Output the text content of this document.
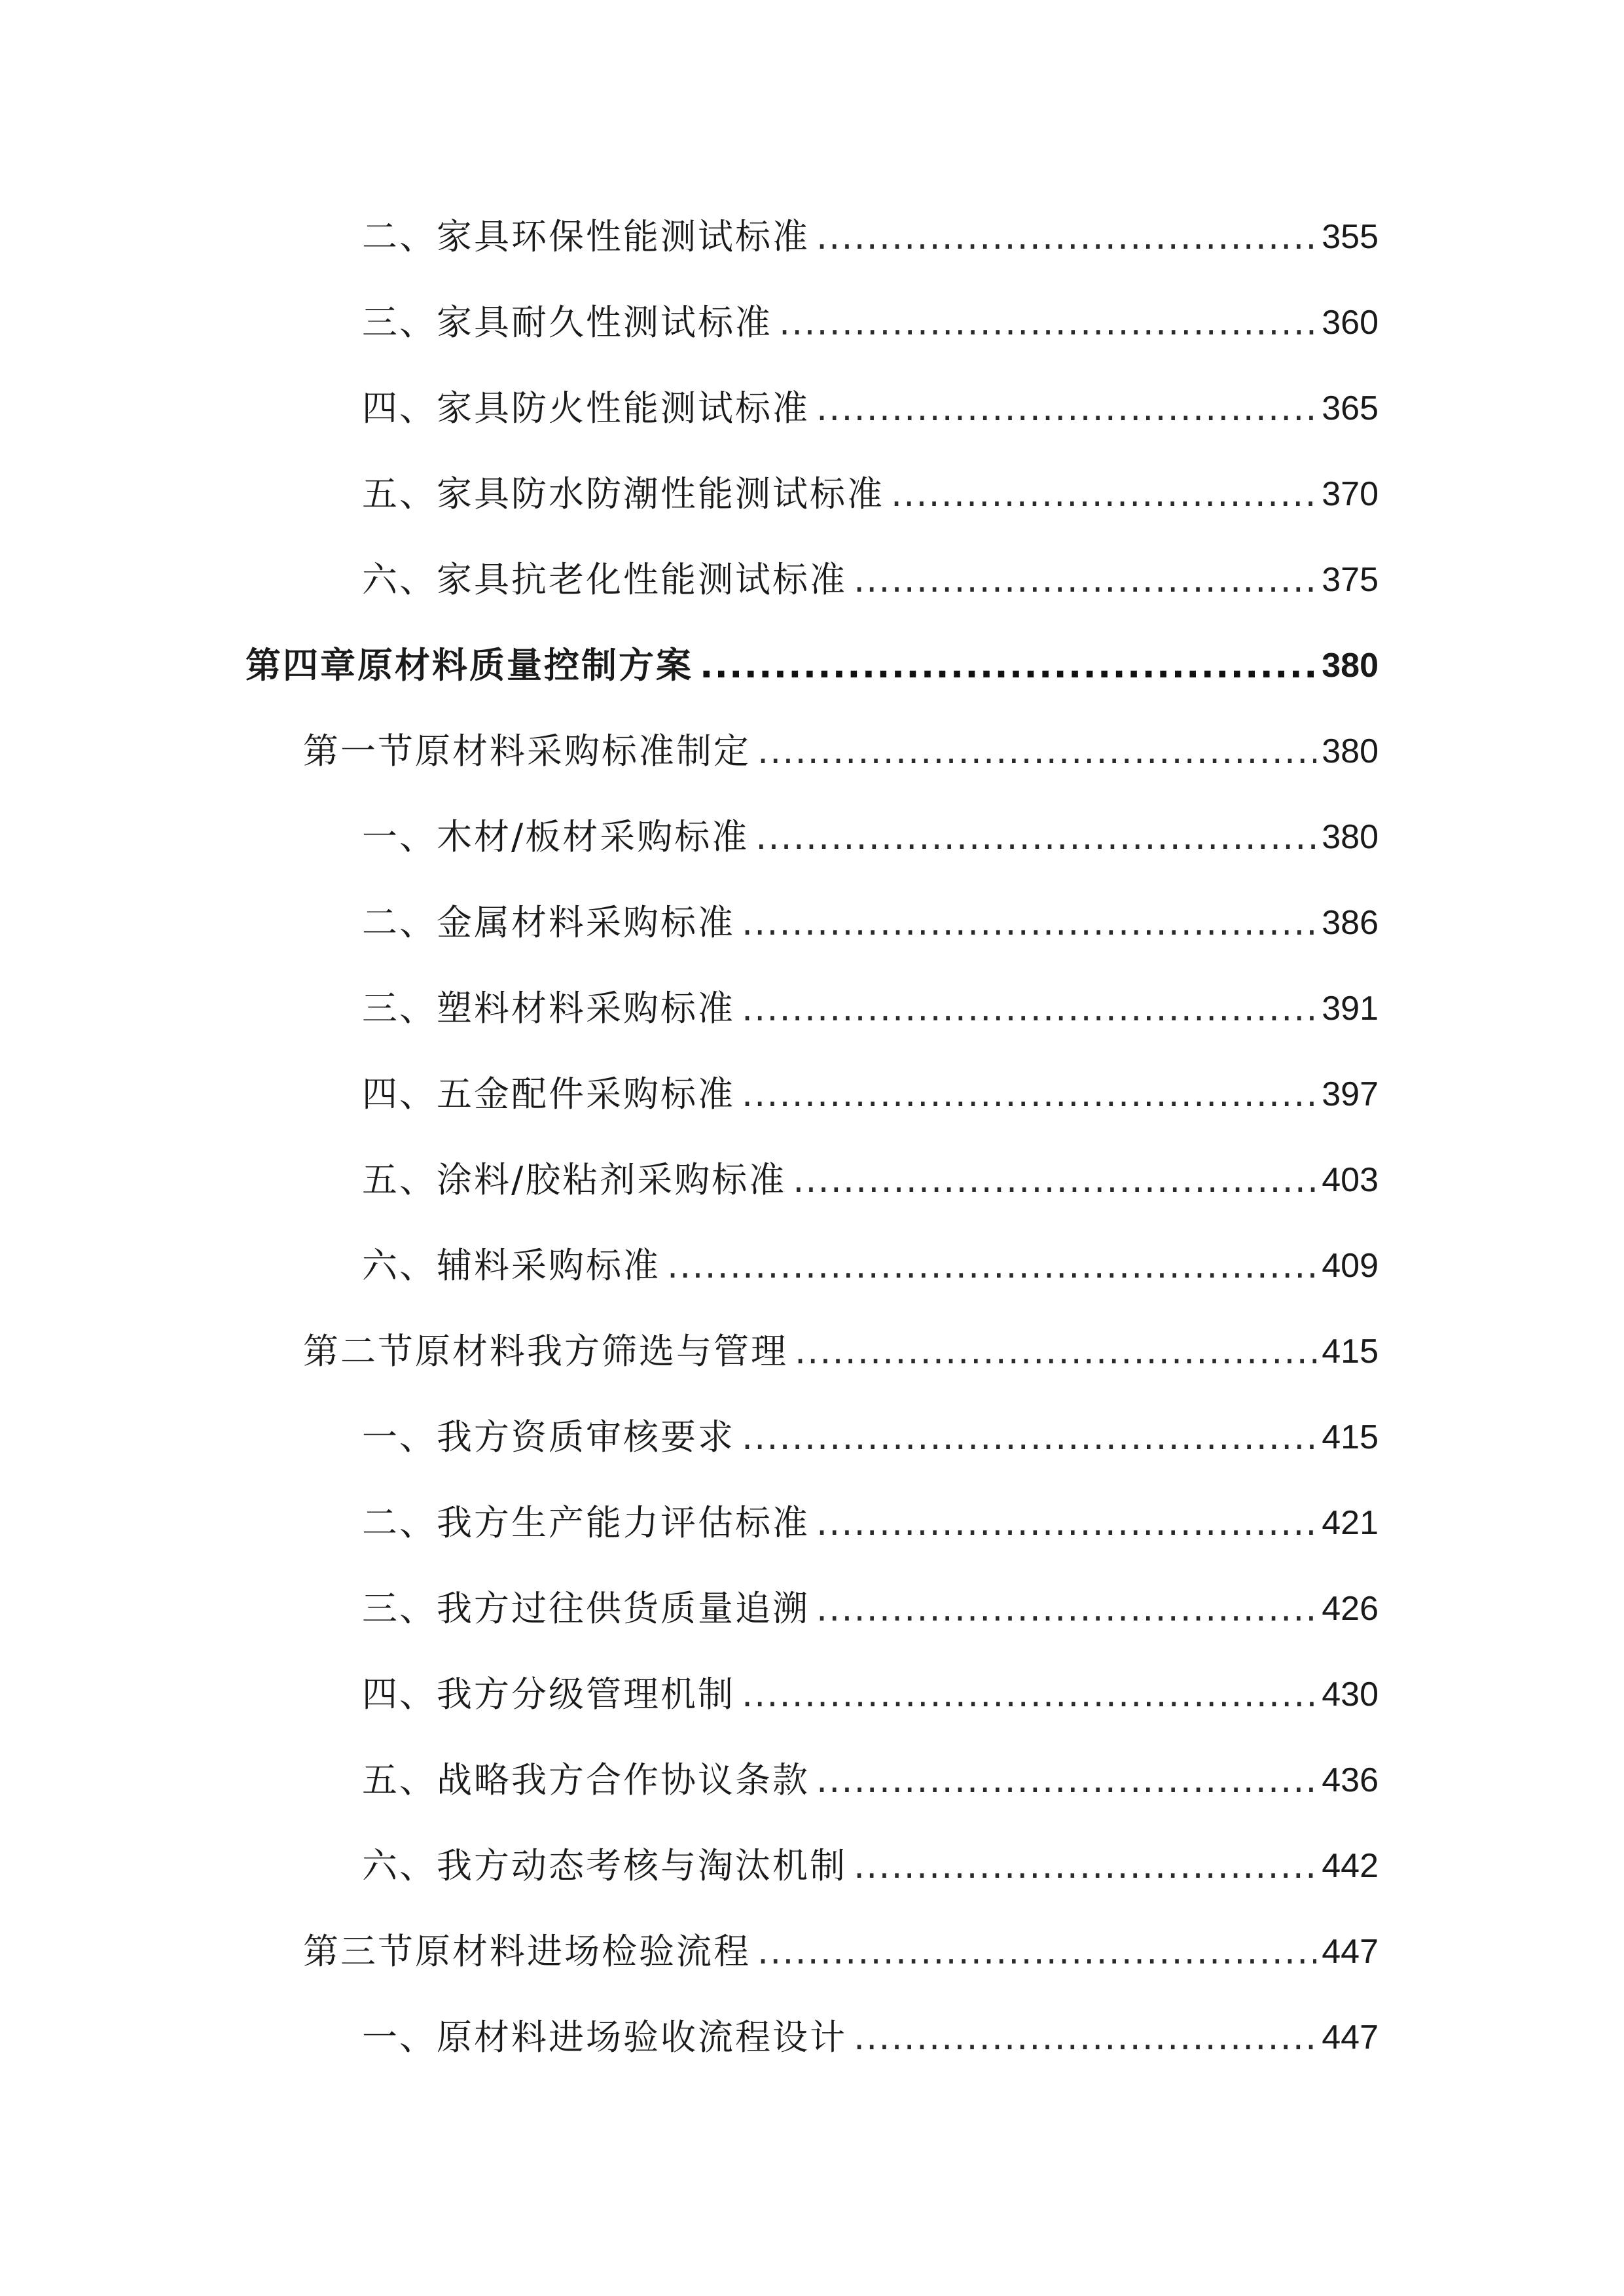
二、家具环保性能测试标准 .....	355
三、家具耐久性测试标准 .....	360
四、家具防火性能测试标准 .....	365
五、家具防水防潮性能测试标准 .....	370
六、家具抗老化性能测试标准 .....	375
第四章原材料质量控制方案 .....	380
第一节原材料采购标准制定 .....	380
一、木材/板材采购标准 .....	380
二、金属材料采购标准 .....	386
三、塑料材料采购标准 .....	391
四、五金配件采购标准 .....	397
五、涂料/胶粘剂采购标准 .....	403
六、辅料采购标准 .....	409
第二节原材料我方筛选与管理 .....	415
一、我方资质审核要求 .....	415
二、我方生产能力评估标准 .....	421
三、我方过往供货质量追溯 .....	426
四、我方分级管理机制 .....	430
五、战略我方合作协议条款 .....	436
六、我方动态考核与淘汰机制 .....	442
第三节原材料进场检验流程 .....	447
一、原材料进场验收流程设计 .....	447
